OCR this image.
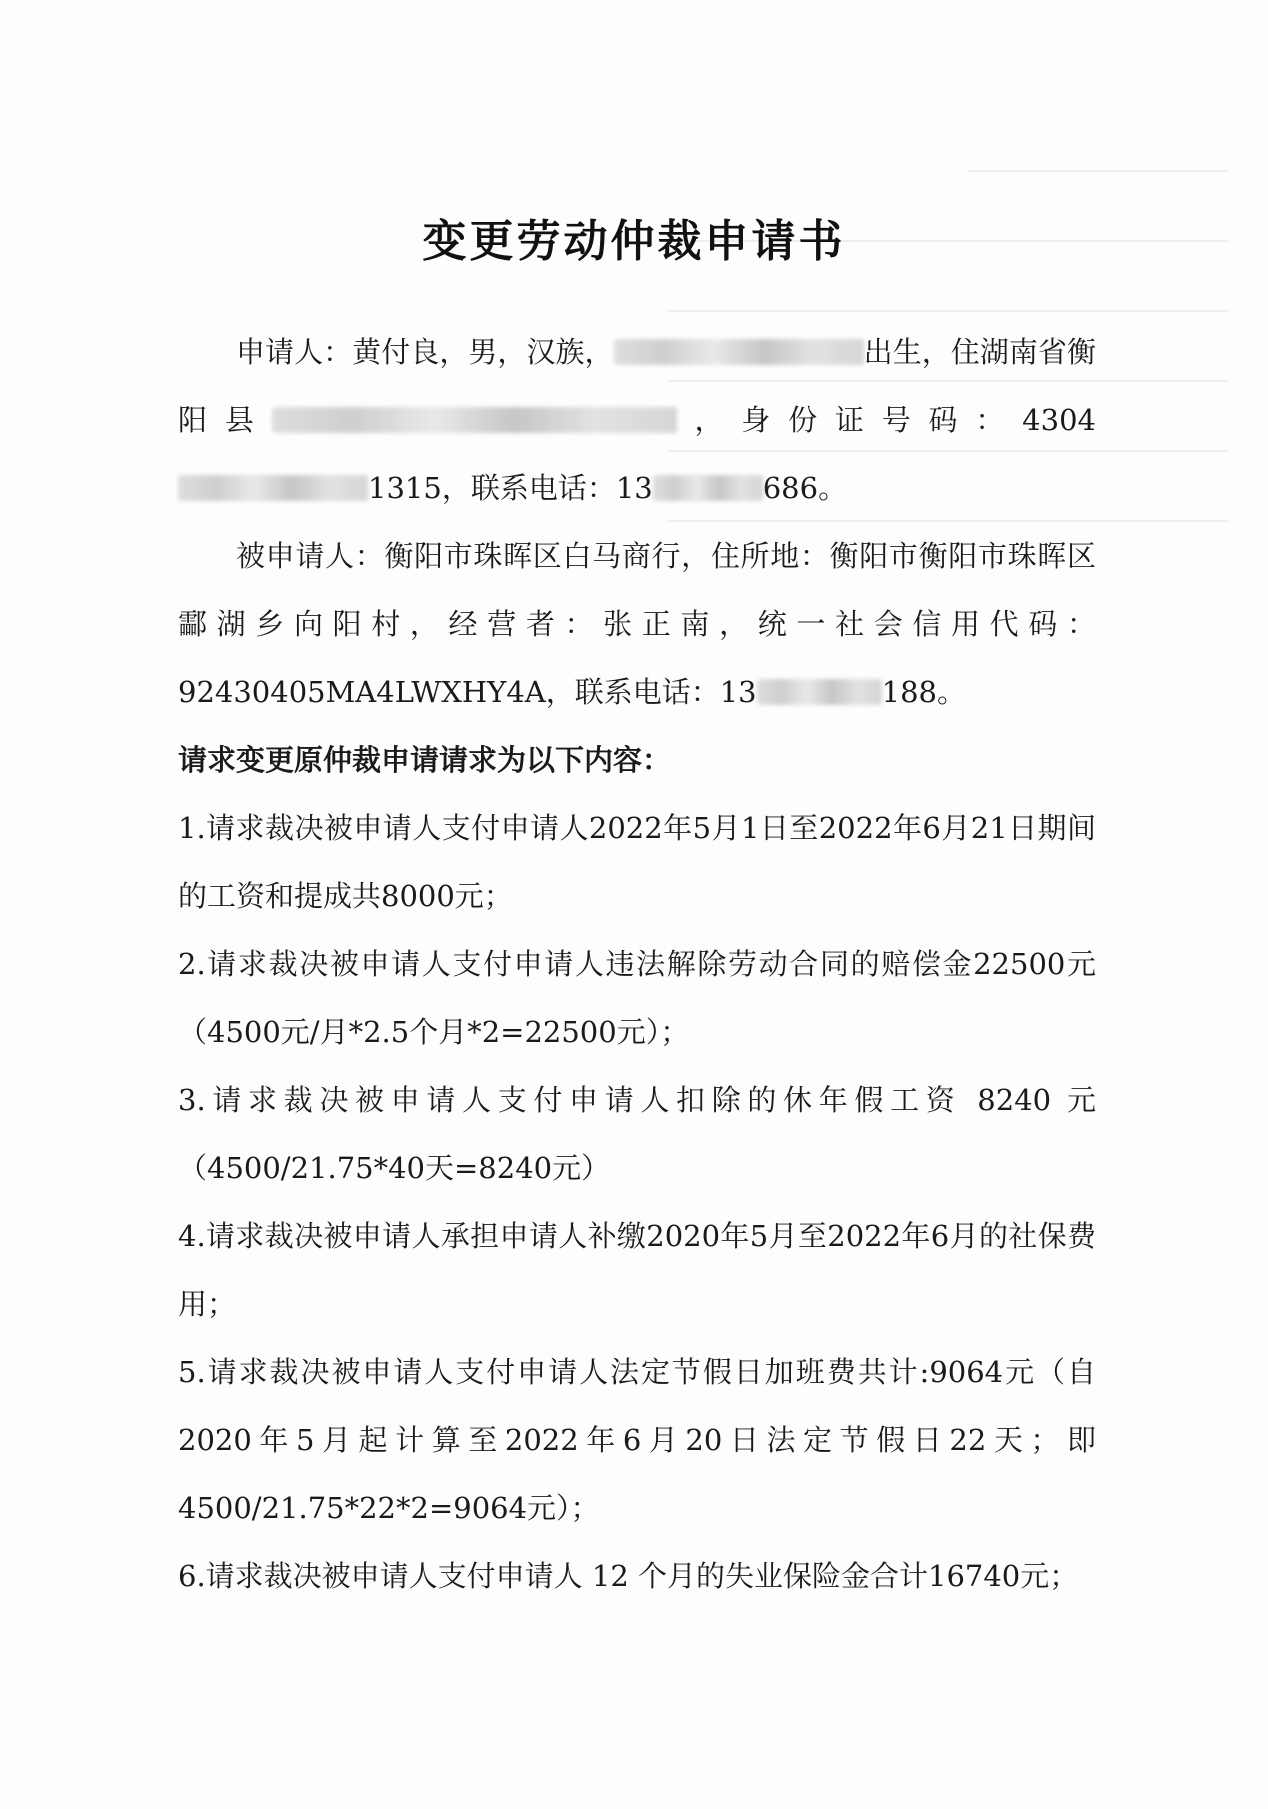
变更劳动仲裁申请书

申请人：黄付良，男，汉族，	出生，住湖南省衡阳县	，身份证号码：43041315，联系电话：13	686。

被申请人：衡阳市珠晖区白马商行，住所地：衡阳市衡阳市珠晖区酃湖乡向阳村，经营者：张正南，统一社会信用代码：92430405MA4LWXHY4A，联系电话：13	188。

请求变更原仲裁申请请求为以下内容：

1.请求裁决被申请人支付申请人2022年5月1日至2022年6月21日期间的工资和提成共8000元；

2.请求裁决被申请人支付申请人违法解除劳动合同的赔偿金22500元（4500元/月*2.5个月*2=22500元）；

3.请求裁决被申请人支付申请人扣除的休年假工资 8240 元（4500/21.75*40天=8240元）

4.请求裁决被申请人承担申请人补缴2020年5月至2022年6月的社保费用；

5.请求裁决被申请人支付申请人法定节假日加班费共计:9064元（自2020年5月起计算至2022年6月20日法定节假日22天；即4500/21.75*22*2=9064元）；

6.请求裁决被申请人支付申请人 12 个月的失业保险金合计16740元；
